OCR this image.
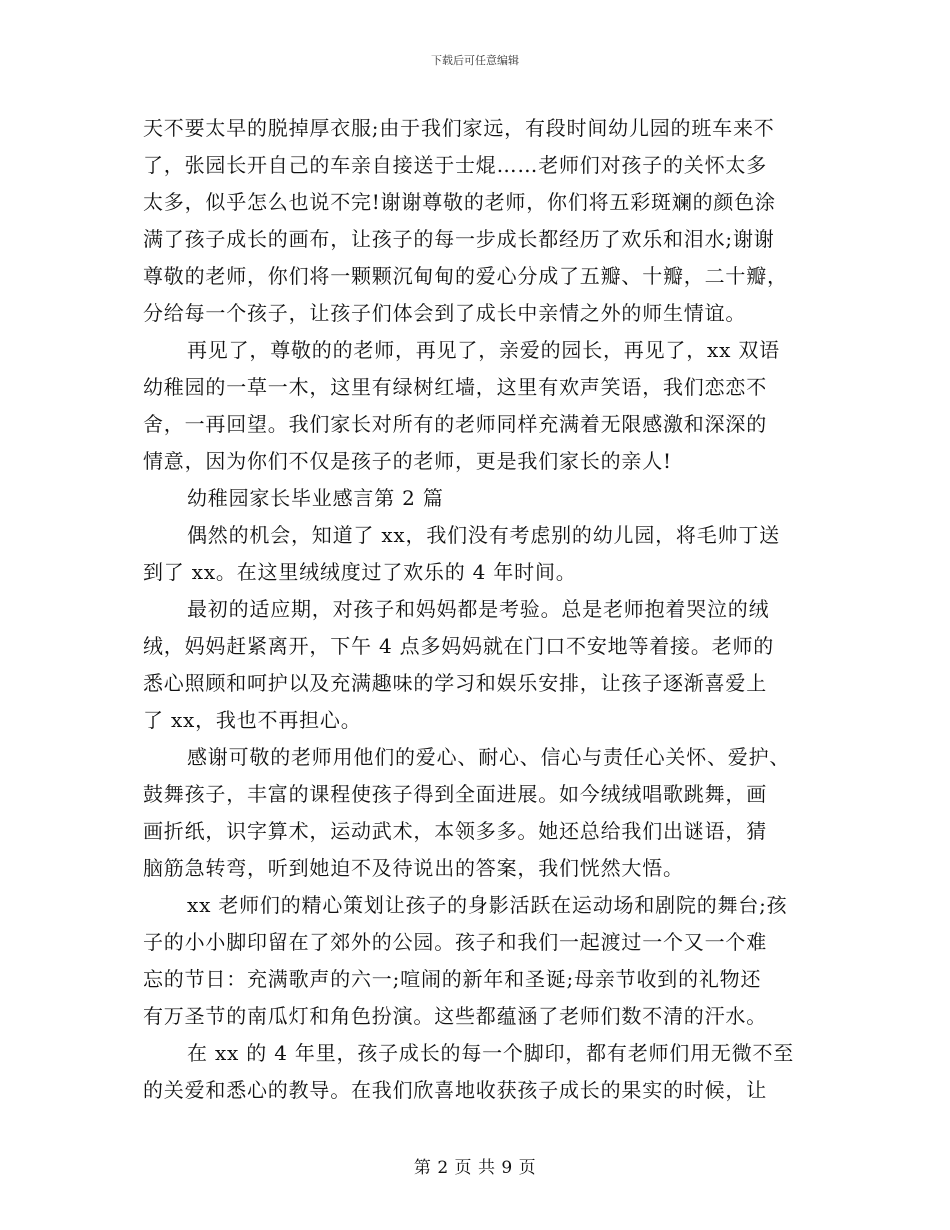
下载后可任意编辑
天不要太早的脱掉厚衣服;由于我们家远，有段时间幼儿园的班车来不
了，张园长开自己的车亲自接送于士焜……老师们对孩子的关怀太多
太多，似乎怎么也说不完!谢谢尊敬的老师，你们将五彩斑斓的颜色涂
满了孩子成长的画布，让孩子的每一步成长都经历了欢乐和泪水;谢谢
尊敬的老师，你们将一颗颗沉甸甸的爱心分成了五瓣、十瓣，二十瓣，
分给每一个孩子，让孩子们体会到了成长中亲情之外的师生情谊。
再见了，尊敬的的老师，再见了，亲爱的园长，再见了，xx 双语
幼稚园的一草一木，这里有绿树红墙，这里有欢声笑语，我们恋恋不
舍，一再回望。我们家长对所有的老师同样充满着无限感激和深深的
情意，因为你们不仅是孩子的老师，更是我们家长的亲人!
幼稚园家长毕业感言第 2 篇
偶然的机会，知道了 xx，我们没有考虑别的幼儿园，将毛帅丁送
到了 xx。在这里绒绒度过了欢乐的 4 年时间。
最初的适应期，对孩子和妈妈都是考验。总是老师抱着哭泣的绒
绒，妈妈赶紧离开，下午 4 点多妈妈就在门口不安地等着接。老师的
悉心照顾和呵护以及充满趣味的学习和娱乐安排，让孩子逐渐喜爱上
了 xx，我也不再担心。
感谢可敬的老师用他们的爱心、耐心、信心与责任心关怀、爱护、
鼓舞孩子，丰富的课程使孩子得到全面进展。如今绒绒唱歌跳舞，画
画折纸，识字算术，运动武术，本领多多。她还总给我们出谜语，猜
脑筋急转弯，听到她迫不及待说出的答案，我们恍然大悟。
xx 老师们的精心策划让孩子的身影活跃在运动场和剧院的舞台;孩
子的小小脚印留在了郊外的公园。孩子和我们一起渡过一个又一个难
忘的节日：充满歌声的六一;喧闹的新年和圣诞;母亲节收到的礼物还
有万圣节的南瓜灯和角色扮演。这些都蕴涵了老师们数不清的汗水。
在 xx 的 4 年里，孩子成长的每一个脚印，都有老师们用无微不至
的关爱和悉心的教导。在我们欣喜地收获孩子成长的果实的时候，让
第 2 页 共 9 页
